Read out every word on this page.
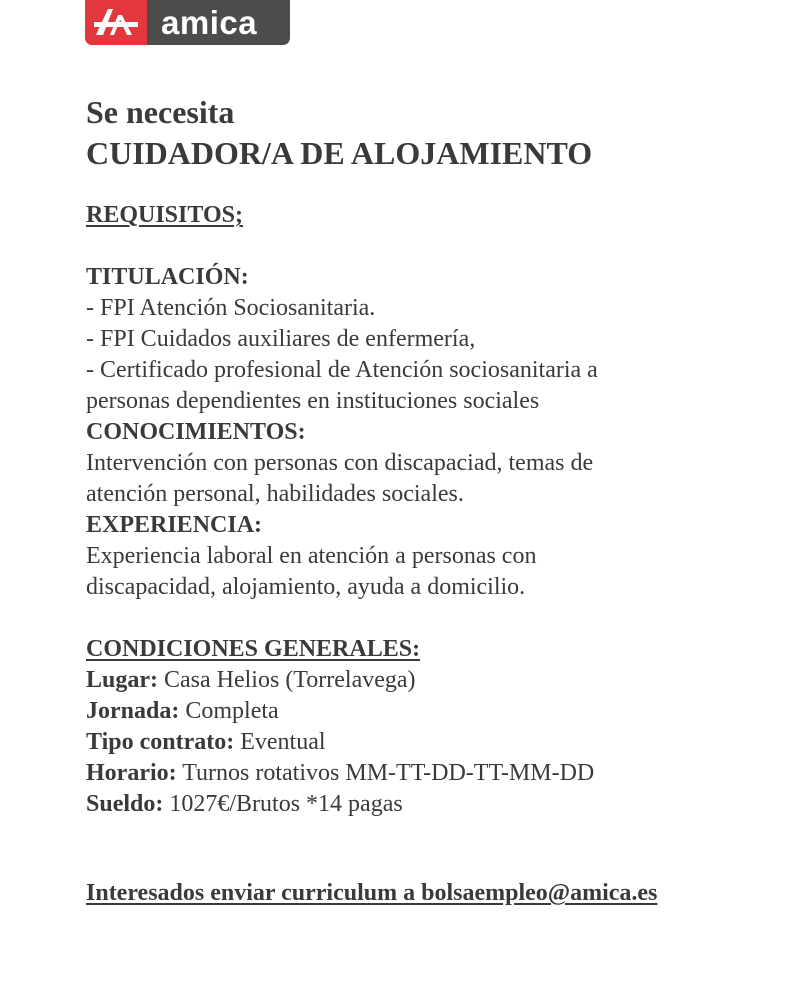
amica

Se necesita

CUIDADOR/A DE ALOJAMIENTO

REQUISITOS;

TITULACIÓN:

- FPI Atención Sociosanitaria.

- FPI Cuidados auxiliares de enfermería,

- Certificado profesional de Atención sociosanitaria a

personas dependientes en instituciones sociales

CONOCIMIENTOS:

Intervención con personas con discapaciad, temas de

atención personal, habilidades sociales.

EXPERIENCIA:

Experiencia laboral en atención a personas con

discapacidad, alojamiento, ayuda a domicilio.

CONDICIONES GENERALES:

Lugar: Casa Helios (Torrelavega)

Jornada: Completa

Tipo contrato: Eventual

Horario: Turnos rotativos MM-TT-DD-TT-MM-DD

Sueldo: 1027€/Brutos *14 pagas

Interesados enviar curriculum a bolsaempleo@amica.es
